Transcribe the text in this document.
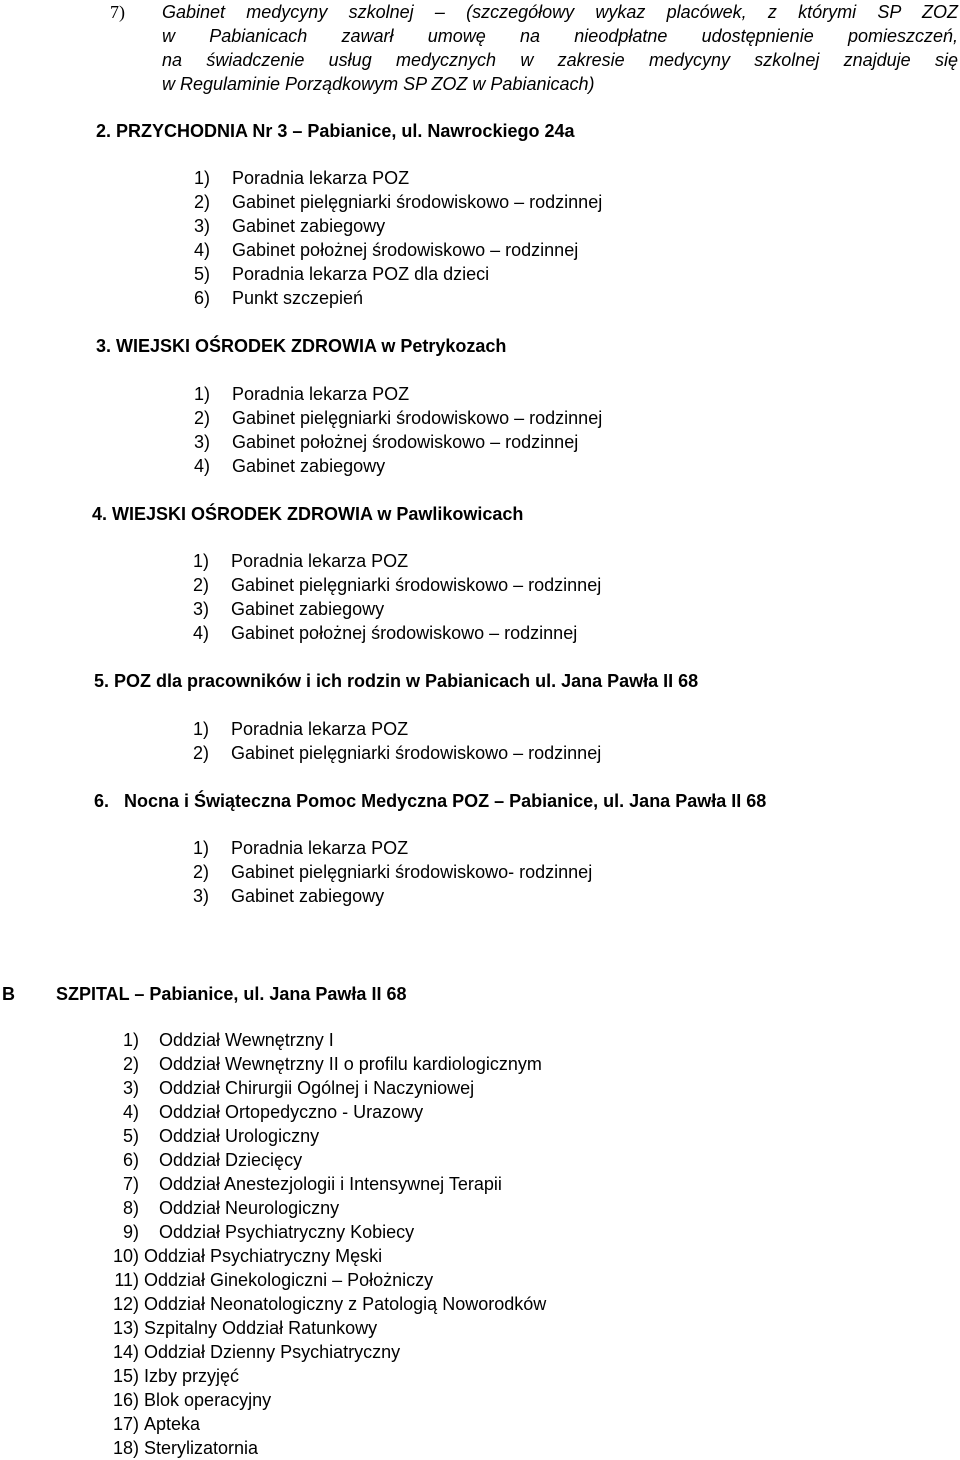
7) Gabinet medycyny szkolnej – (szczegółowy wykaz placówek, z którymi SP ZOZ
w Pabianicach zawarł umowę na nieodpłatne udostępnienie pomieszczeń,
na świadczenie usług medycznych w zakresie medycyny szkolnej znajduje się
w Regulaminie Porządkowym SP ZOZ w Pabianicach)
2. PRZYCHODNIA Nr 3 – Pabianice, ul. Nawrockiego 24a
1) Poradnia lekarza POZ
2) Gabinet pielęgniarki środowiskowo – rodzinnej
3) Gabinet zabiegowy
4) Gabinet położnej środowiskowo – rodzinnej
5) Poradnia lekarza POZ dla dzieci
6) Punkt szczepień
3. WIEJSKI OŚRODEK ZDROWIA w Petrykozach
1) Poradnia lekarza POZ
2) Gabinet pielęgniarki środowiskowo – rodzinnej
3) Gabinet położnej środowiskowo – rodzinnej
4) Gabinet zabiegowy
4. WIEJSKI OŚRODEK ZDROWIA w Pawlikowicach
1) Poradnia lekarza POZ
2) Gabinet pielęgniarki środowiskowo – rodzinnej
3) Gabinet zabiegowy
4) Gabinet położnej środowiskowo – rodzinnej
5. POZ dla pracowników i ich rodzin w Pabianicach ul. Jana Pawła II 68
1) Poradnia lekarza POZ
2) Gabinet pielęgniarki środowiskowo – rodzinnej
6.   Nocna i Świąteczna Pomoc Medyczna POZ – Pabianice, ul. Jana Pawła II 68
1) Poradnia lekarza POZ
2) Gabinet pielęgniarki środowiskowo- rodzinnej
3) Gabinet zabiegowy
B SZPITAL – Pabianice, ul. Jana Pawła II 68
1) Oddział Wewnętrzny I
2) Oddział Wewnętrzny II o profilu kardiologicznym
3) Oddział Chirurgii Ogólnej i Naczyniowej
4) Oddział Ortopedyczno - Urazowy
5) Oddział Urologiczny
6) Oddział Dziecięcy
7) Oddział Anestezjologii i Intensywnej Terapii
8) Oddział Neurologiczny
9) Oddział Psychiatryczny Kobiecy
10) Oddział Psychiatryczny Męski
11) Oddział Ginekologiczni – Położniczy
12) Oddział Neonatologiczny z Patologią Noworodków
13) Szpitalny Oddział Ratunkowy
14) Oddział Dzienny Psychiatryczny
15) Izby przyjęć
16) Blok operacyjny
17) Apteka
18) Sterylizatornia
